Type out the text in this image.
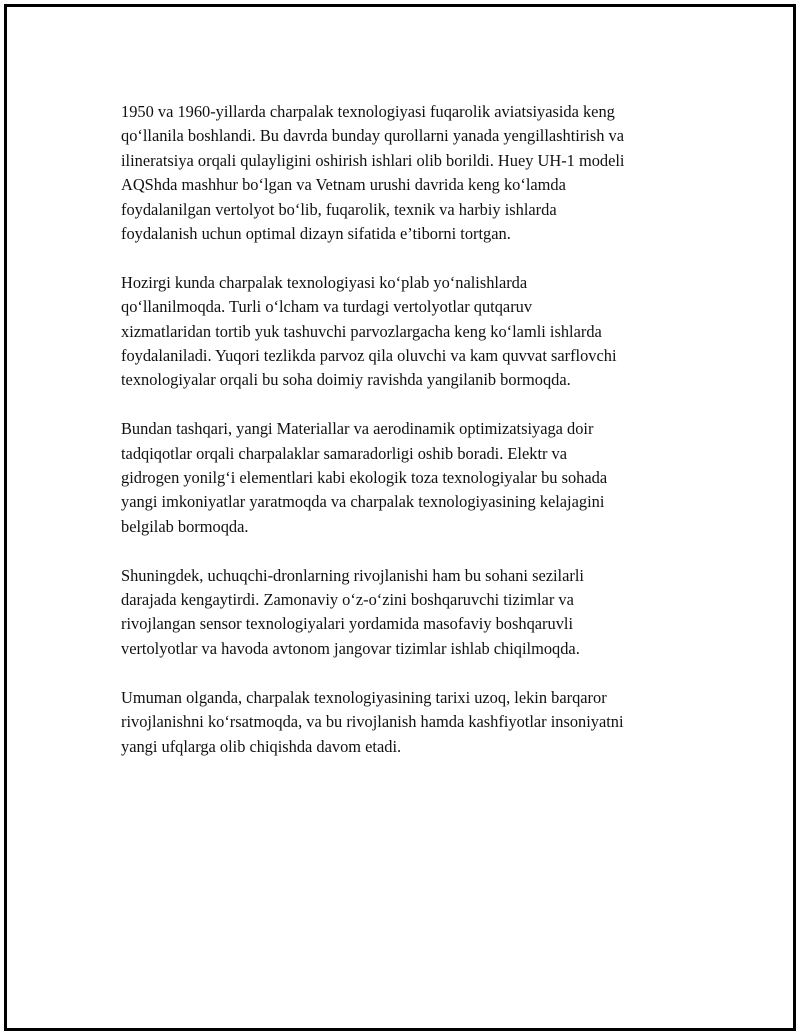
1950 va 1960-yillarda charpalak texnologiyasi fuqarolik aviatsiyasida keng
qo‘llanila boshlandi. Bu davrda bunday qurollarni yanada yengillashtirish va
ilineratsiya orqali qulayligini oshirish ishlari olib borildi. Huey UH-1 modeli
AQShda mashhur bo‘lgan va Vetnam urushi davrida keng ko‘lamda
foydalanilgan vertolyot bo‘lib, fuqarolik, texnik va harbiy ishlarda
foydalanish uchun optimal dizayn sifatida e’tiborni tortgan.

Hozirgi kunda charpalak texnologiyasi ko‘plab yo‘nalishlarda
qo‘llanilmoqda. Turli o‘lcham va turdagi vertolyotlar qutqaruv
xizmatlaridan tortib yuk tashuvchi parvozlargacha keng ko‘lamli ishlarda
foydalaniladi. Yuqori tezlikda parvoz qila oluvchi va kam quvvat sarflovchi
texnologiyalar orqali bu soha doimiy ravishda yangilanib bormoqda.

Bundan tashqari, yangi Materiallar va aerodinamik optimizatsiyaga doir
tadqiqotlar orqali charpalaklar samaradorligi oshib boradi. Elektr va
gidrogen yonilg‘i elementlari kabi ekologik toza texnologiyalar bu sohada
yangi imkoniyatlar yaratmoqda va charpalak texnologiyasining kelajagini
belgilab bormoqda.

Shuningdek, uchuqchi-dronlarning rivojlanishi ham bu sohani sezilarli
darajada kengaytirdi. Zamonaviy o‘z-o‘zini boshqaruvchi tizimlar va
rivojlangan sensor texnologiyalari yordamida masofaviy boshqaruvli
vertolyotlar va havoda avtonom jangovar tizimlar ishlab chiqilmoqda.

Umuman olganda, charpalak texnologiyasining tarixi uzoq, lekin barqaror
rivojlanishni ko‘rsatmoqda, va bu rivojlanish hamda kashfiyotlar insoniyatni
yangi ufqlarga olib chiqishda davom etadi.
